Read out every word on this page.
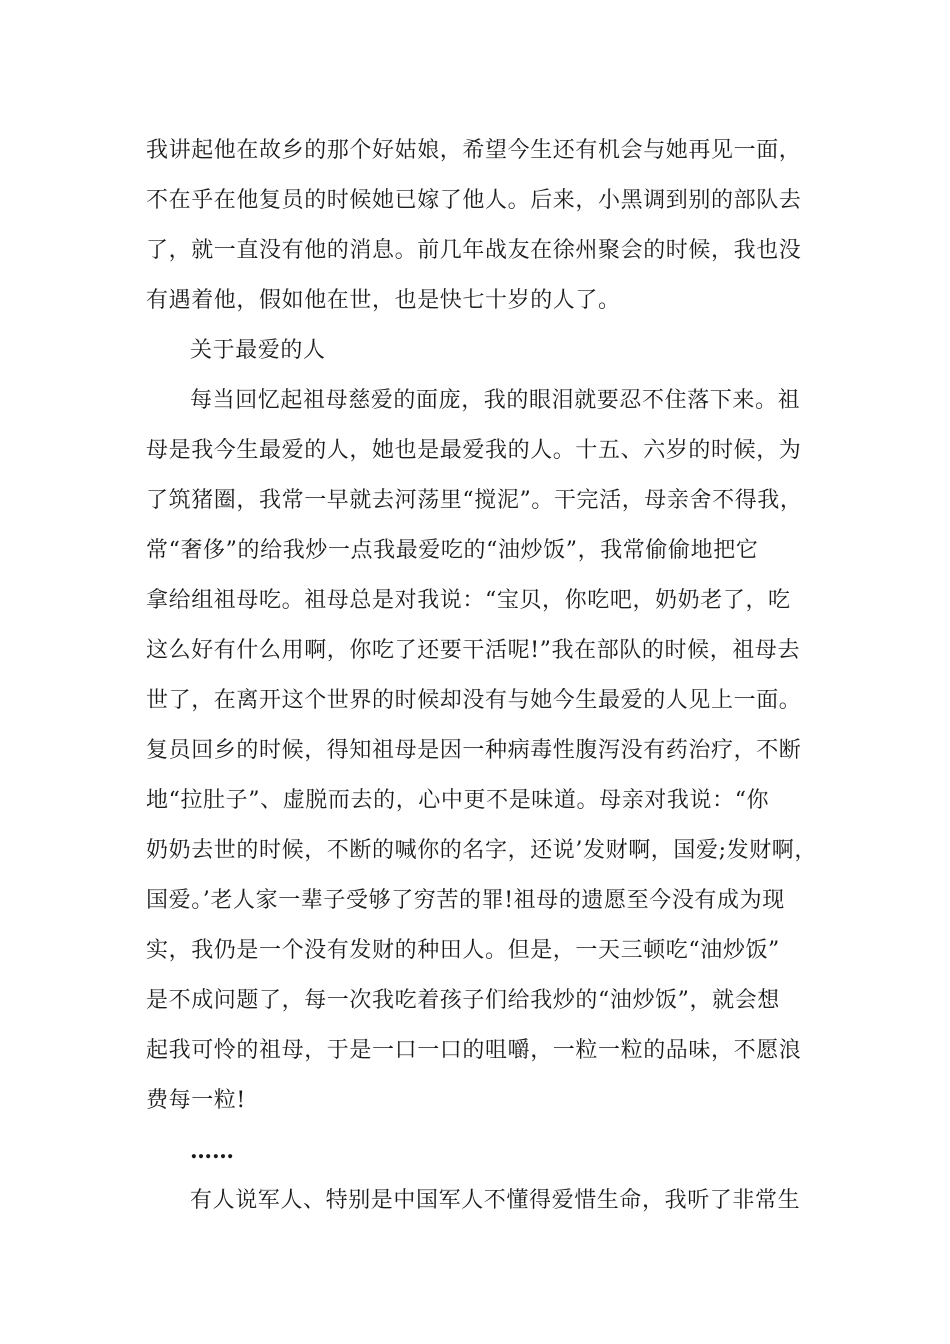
我讲起他在故乡的那个好姑娘，希望今生还有机会与她再见一面，
不在乎在他复员的时候她已嫁了他人。后来，小黑调到别的部队去
了，就一直没有他的消息。前几年战友在徐州聚会的时候，我也没
有遇着他，假如他在世，也是快七十岁的人了。
关于最爱的人
每当回忆起祖母慈爱的面庞，我的眼泪就要忍不住落下来。祖
母是我今生最爱的人，她也是最爱我的人。十五、六岁的时候，为
了筑猪圈，我常一早就去河荡里“搅泥”。干完活，母亲舍不得我，
常“奢侈”的给我炒一点我最爱吃的“油炒饭”，我常偷偷地把它
拿给组祖母吃。祖母总是对我说：“宝贝，你吃吧，奶奶老了，吃
这么好有什么用啊，你吃了还要干活呢!”我在部队的时候，祖母去
世了，在离开这个世界的时候却没有与她今生最爱的人见上一面。
复员回乡的时候，得知祖母是因一种病毒性腹泻没有药治疗，不断
地“拉肚子”、虚脱而去的，心中更不是味道。母亲对我说：“你
奶奶去世的时候，不断的喊你的名字，还说’发财啊，国爱;发财啊，
国爱。’老人家一辈子受够了穷苦的罪!祖母的遗愿至今没有成为现
实，我仍是一个没有发财的种田人。但是，一天三顿吃“油炒饭”
是不成问题了，每一次我吃着孩子们给我炒的“油炒饭”，就会想
起我可怜的祖母，于是一口一口的咀嚼，一粒一粒的品味，不愿浪
费每一粒!
……
有人说军人、特别是中国军人不懂得爱惜生命，我听了非常生
